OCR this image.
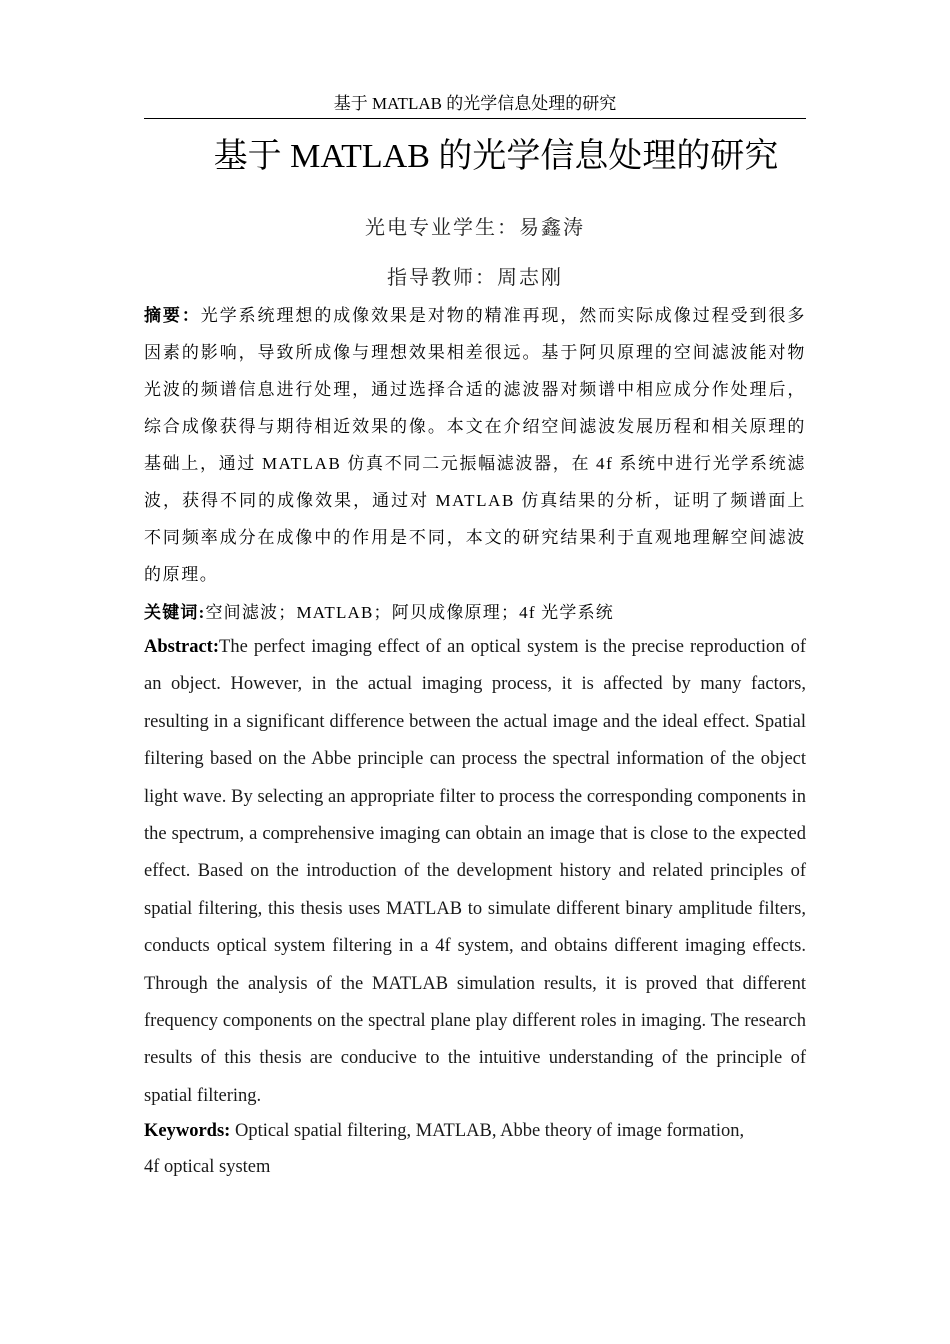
基于 MATLAB 的光学信息处理的研究
基于 MATLAB 的光学信息处理的研究
光电专业学生：易鑫涛
指导教师：周志刚
摘要：光学系统理想的成像效果是对物的精准再现，然而实际成像过程受到很多因素的影响，导致所成像与理想效果相差很远。基于阿贝原理的空间滤波能对物光波的频谱信息进行处理，通过选择合适的滤波器对频谱中相应成分作处理后，综合成像获得与期待相近效果的像。本文在介绍空间滤波发展历程和相关原理的基础上，通过 MATLAB 仿真不同二元振幅滤波器，在 4f 系统中进行光学系统滤波，获得不同的成像效果，通过对 MATLAB 仿真结果的分析，证明了频谱面上不同频率成分在成像中的作用是不同，本文的研究结果利于直观地理解空间滤波的原理。
关键词:空间滤波；MATLAB；阿贝成像原理；4f 光学系统
Abstract:The perfect imaging effect of an optical system is the precise reproduction of an object. However, in the actual imaging process, it is affected by many factors, resulting in a significant difference between the actual image and the ideal effect. Spatial filtering based on the Abbe principle can process the spectral information of the object light wave. By selecting an appropriate filter to process the corresponding components in the spectrum, a comprehensive imaging can obtain an image that is close to the expected effect. Based on the introduction of the development history and related principles of spatial filtering, this thesis uses MATLAB to simulate different binary amplitude filters, conducts optical system filtering in a 4f system, and obtains different imaging effects. Through the analysis of the MATLAB simulation results, it is proved that different frequency components on the spectral plane play different roles in imaging. The research results of this thesis are conducive to the intuitive understanding of the principle of spatial filtering.
Keywords: Optical spatial filtering, MATLAB, Abbe theory of image formation,
4f optical system
